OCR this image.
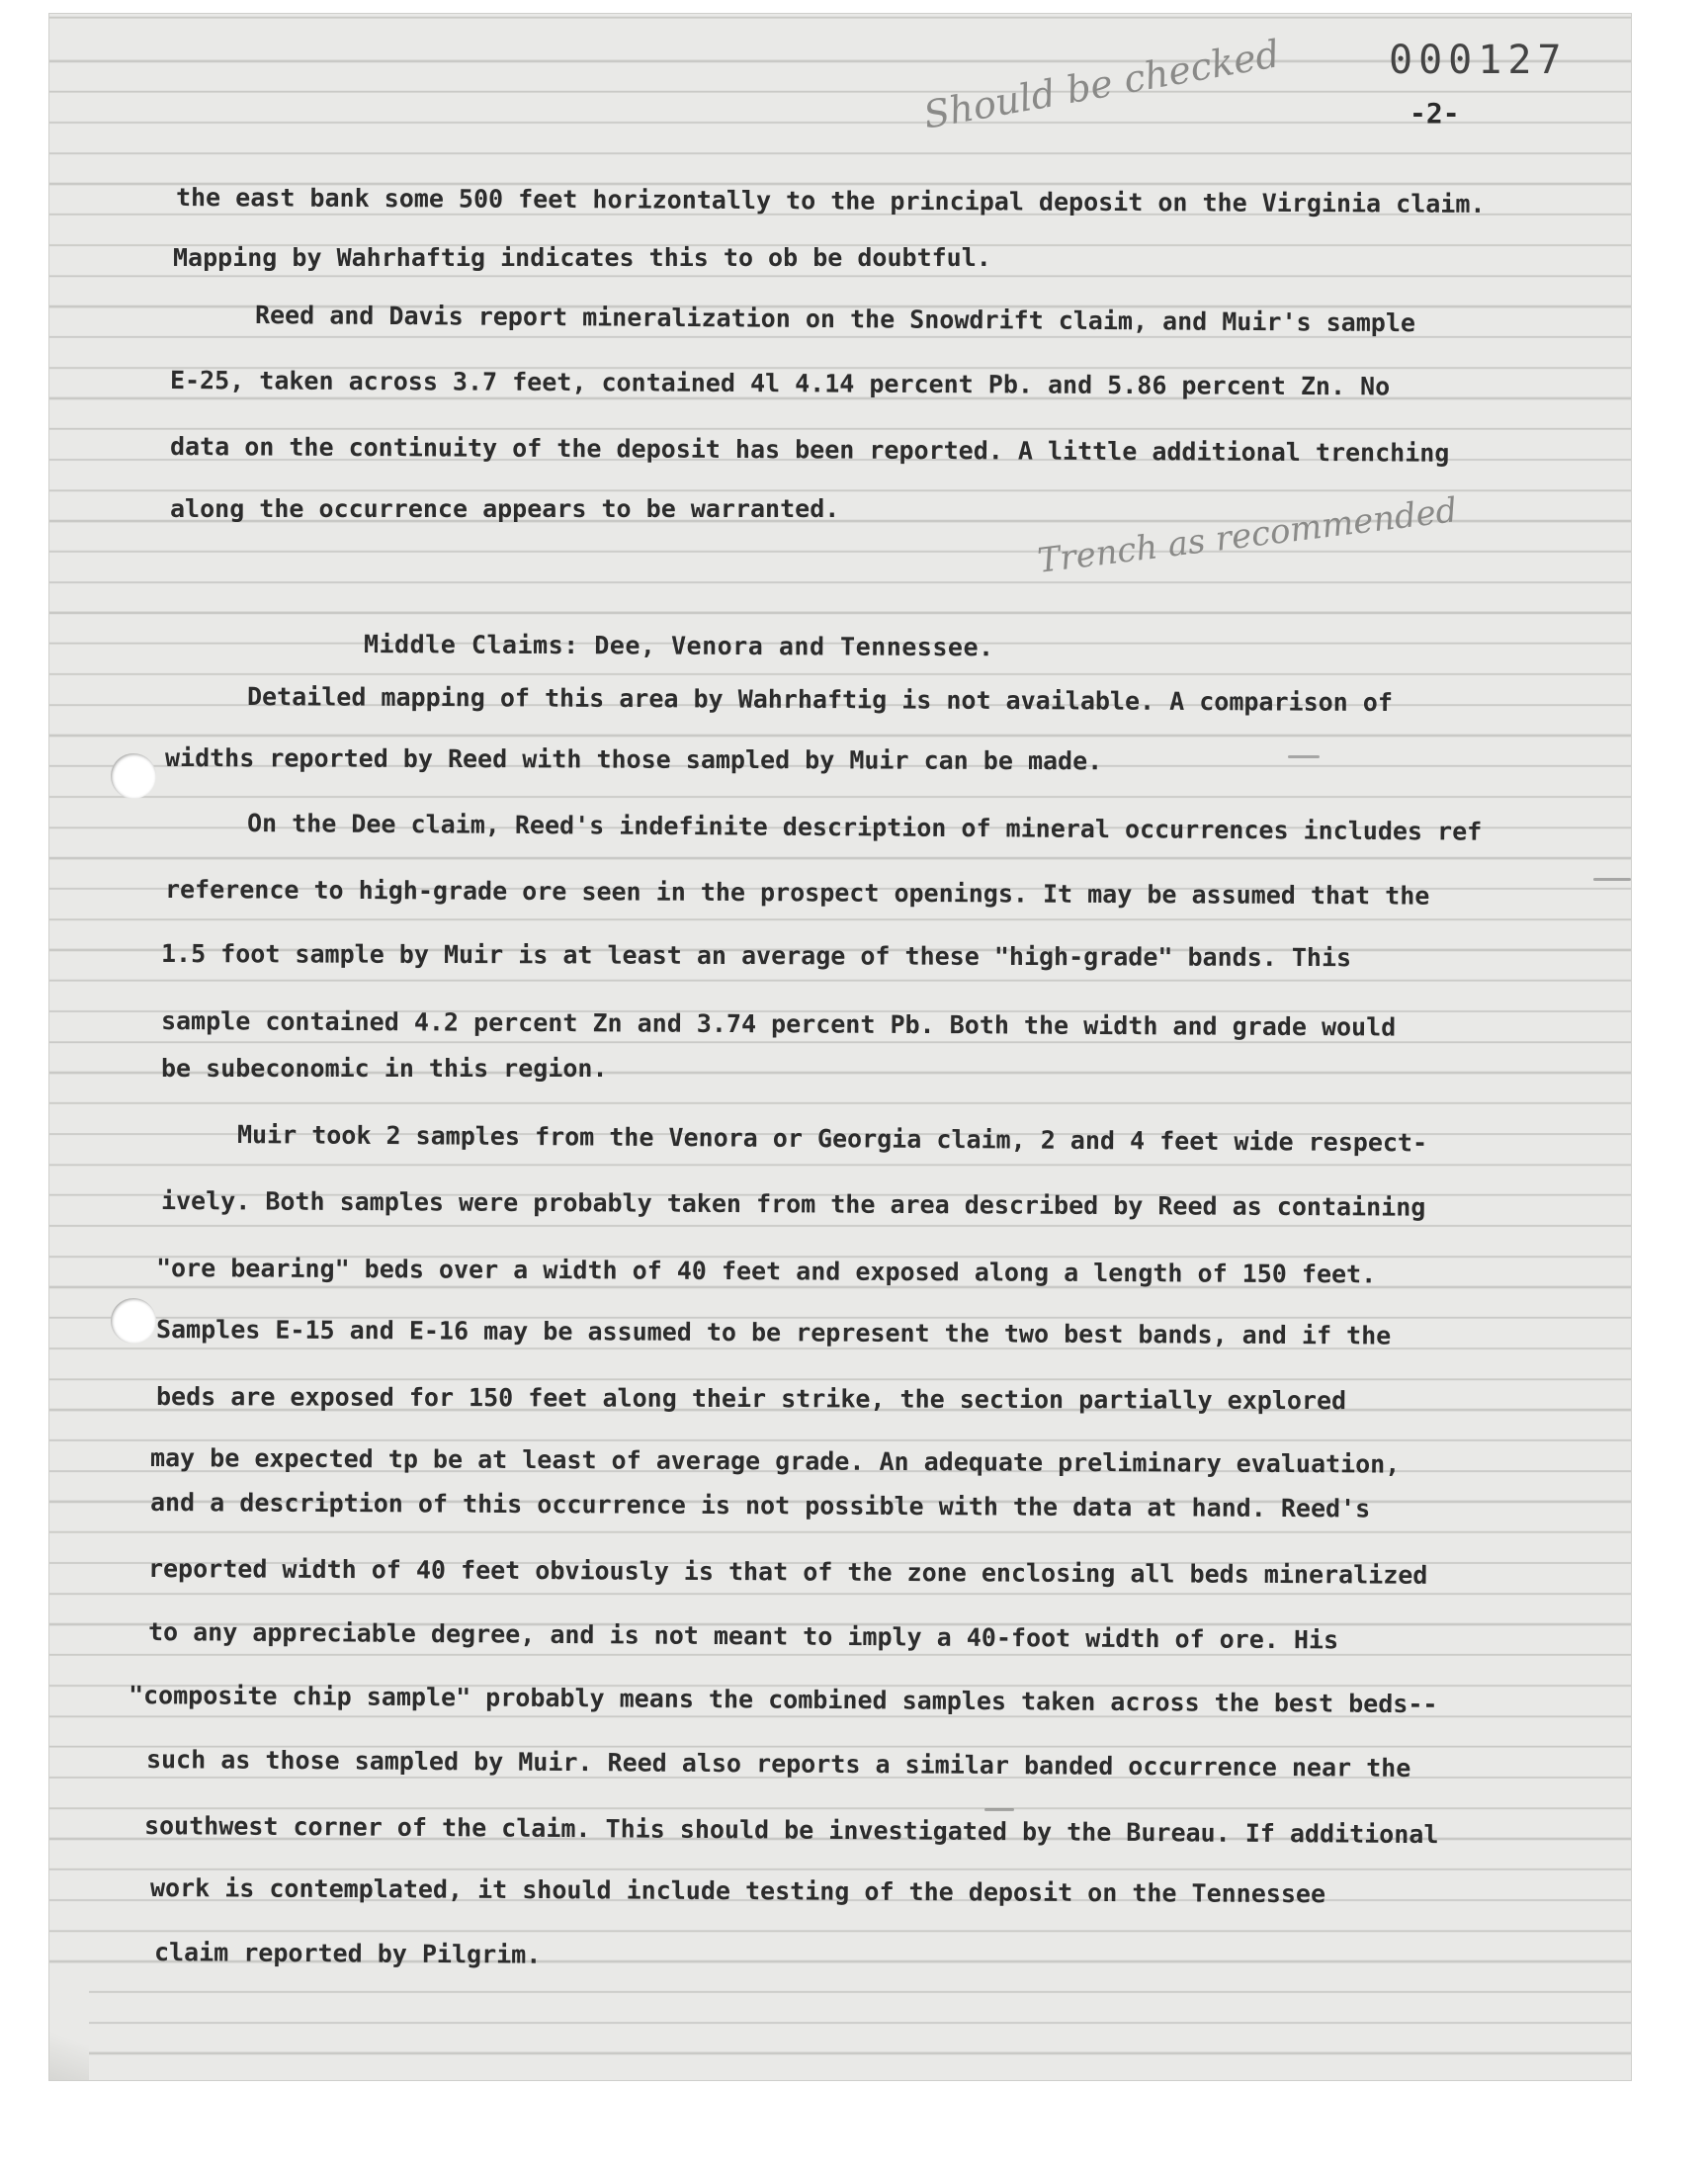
000127
-2-
Should be checked
Trench as recommended

the east bank some 500 feet horizontally to the principal deposit on the Virginia claim.

Mapping by Wahrhaftig indicates this to ob be doubtful.

Reed and Davis report mineralization on the Snowdrift claim, and Muir's sample

E-25, taken across 3.7 feet, contained 4l 4.14 percent Pb. and 5.86 percent Zn. No

data on the continuity of the deposit has been reported. A little additional trenching

along the occurrence appears to be warranted.

Middle Claims: Dee, Venora and Tennessee.

Detailed mapping of this area by Wahrhaftig is not available. A comparison of

widths reported by Reed with those sampled by Muir can be made.

On the Dee claim, Reed's indefinite description of mineral occurrences includes ref

reference to high-grade ore seen in the prospect openings. It may be assumed that the

1.5 foot sample by Muir is at least an average of these "high-grade" bands. This

sample contained 4.2 percent Zn and 3.74 percent Pb. Both the width and grade would

be subeconomic in this region.

Muir took 2 samples from the Venora or Georgia claim, 2 and 4 feet wide respect-

ively. Both samples were probably taken from the area described by Reed as containing

"ore bearing" beds over a width of 40 feet and exposed along a length of 150 feet.

Samples E-15 and E-16 may be assumed to be represent the two best bands, and if the

beds are exposed for 150 feet along their strike, the section partially explored

may be expected tp be at least of average grade. An adequate preliminary evaluation,

and a description of this occurrence is not possible with the data at hand. Reed's

reported width of 40 feet obviously is that of the zone enclosing all beds mineralized

to any appreciable degree, and is not meant to imply a 40-foot width of ore. His

"composite chip sample" probably means the combined samples taken across the best beds--

such as those sampled by Muir. Reed also reports a similar banded occurrence near the

southwest corner of the claim. This should be investigated by the Bureau. If additional

work is contemplated, it should include testing of the deposit on the Tennessee

claim reported by Pilgrim.
